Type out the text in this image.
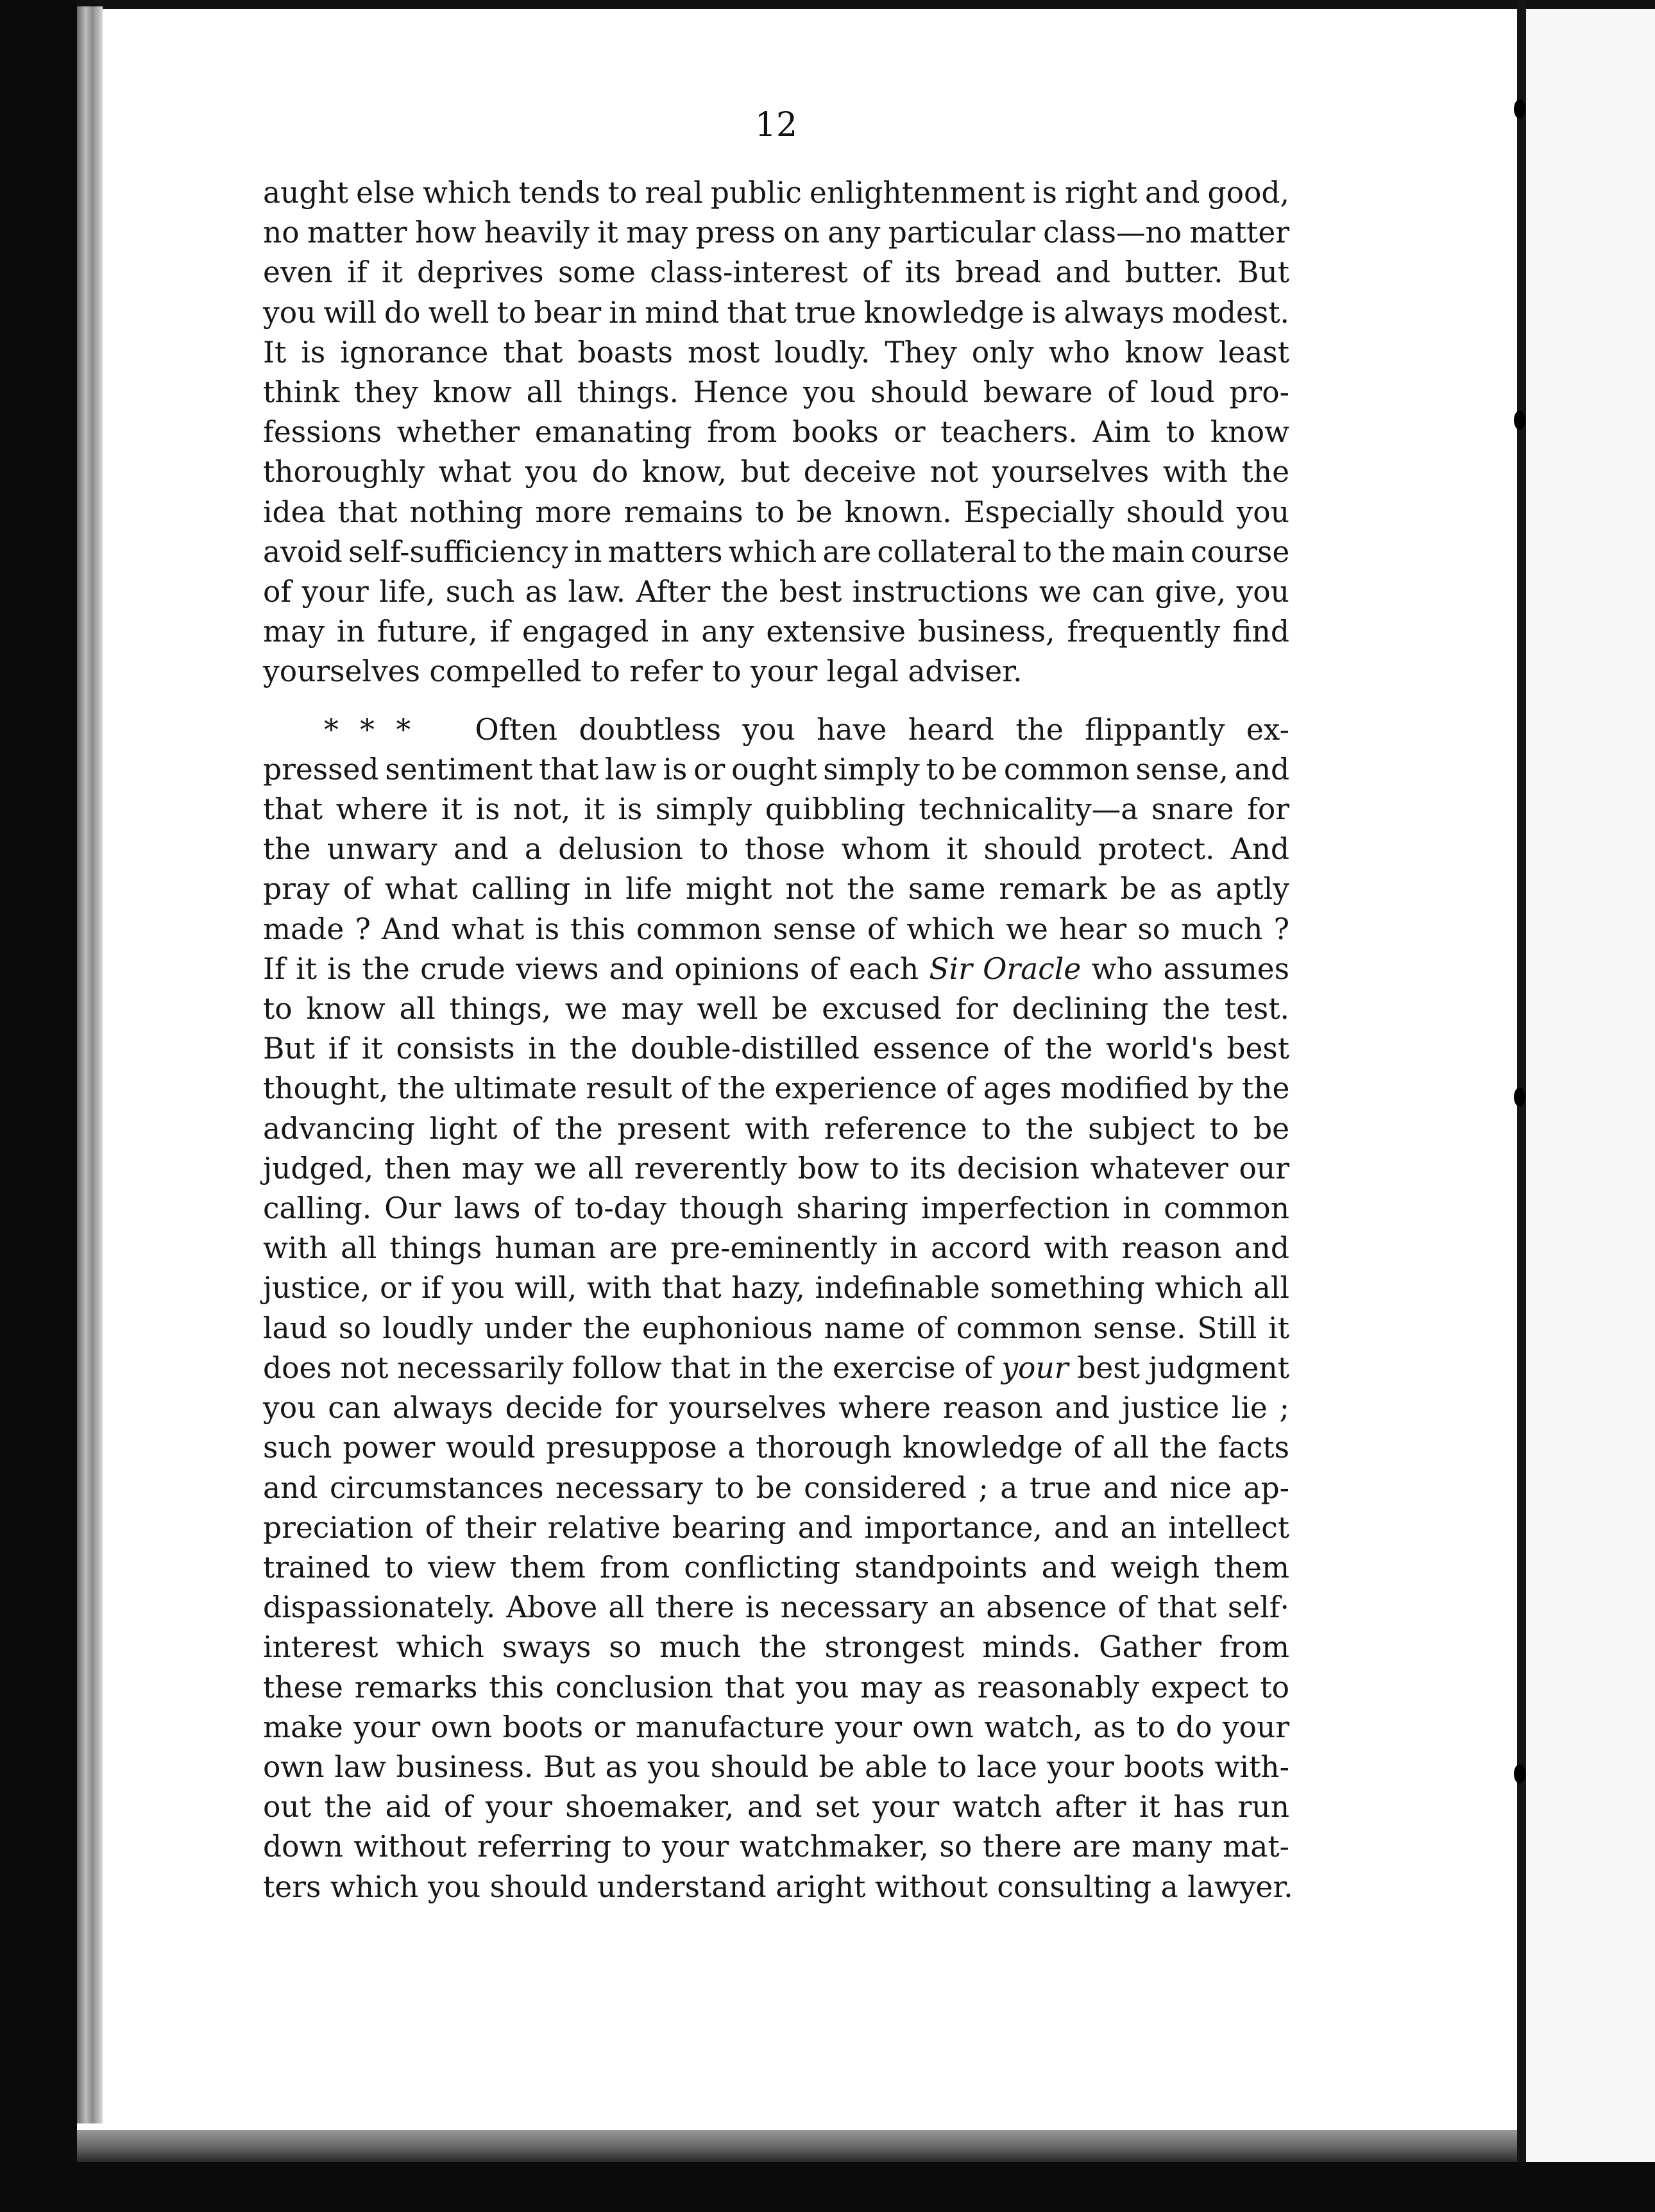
12

aught else which tends to real public enlightenment is right and good,
no matter how heavily it may press on any particular class—no matter
even if it deprives some class-interest of its bread and butter. But
you will do well to bear in mind that true knowledge is always modest.
It is ignorance that boasts most loudly. They only who know least
think they know all things. Hence you should beware of loud pro-
fessions whether emanating from books or teachers. Aim to know
thoroughly what you do know, but deceive not yourselves with the
idea that nothing more remains to be known. Especially should you
avoid self-sufficiency in matters which are collateral to the main course
of your life, such as law. After the best instructions we can give, you
may in future, if engaged in any extensive business, frequently find
yourselves compelled to refer to your legal adviser.

* * * Often doubtless you have heard the flippantly ex-
pressed sentiment that law is or ought simply to be common sense, and
that where it is not, it is simply quibbling technicality—a snare for
the unwary and a delusion to those whom it should protect. And
pray of what calling in life might not the same remark be as aptly
made ? And what is this common sense of which we hear so much ?
If it is the crude views and opinions of each Sir Oracle who assumes
to know all things, we may well be excused for declining the test.
But if it consists in the double-distilled essence of the world's best
thought, the ultimate result of the experience of ages modified by the
advancing light of the present with reference to the subject to be
judged, then may we all reverently bow to its decision whatever our
calling. Our laws of to-day though sharing imperfection in common
with all things human are pre-eminently in accord with reason and
justice, or if you will, with that hazy, indefinable something which all
laud so loudly under the euphonious name of common sense. Still it
does not necessarily follow that in the exercise of your best judgment
you can always decide for yourselves where reason and justice lie ;
such power would presuppose a thorough knowledge of all the facts
and circumstances necessary to be considered ; a true and nice ap-
preciation of their relative bearing and importance, and an intellect
trained to view them from conflicting standpoints and weigh them
dispassionately. Above all there is necessary an absence of that self·
interest which sways so much the strongest minds. Gather from
these remarks this conclusion that you may as reasonably expect to
make your own boots or manufacture your own watch, as to do your
own law business. But as you should be able to lace your boots with-
out the aid of your shoemaker, and set your watch after it has run
down without referring to your watchmaker, so there are many mat-
ters which you should understand aright without consulting a lawyer.
